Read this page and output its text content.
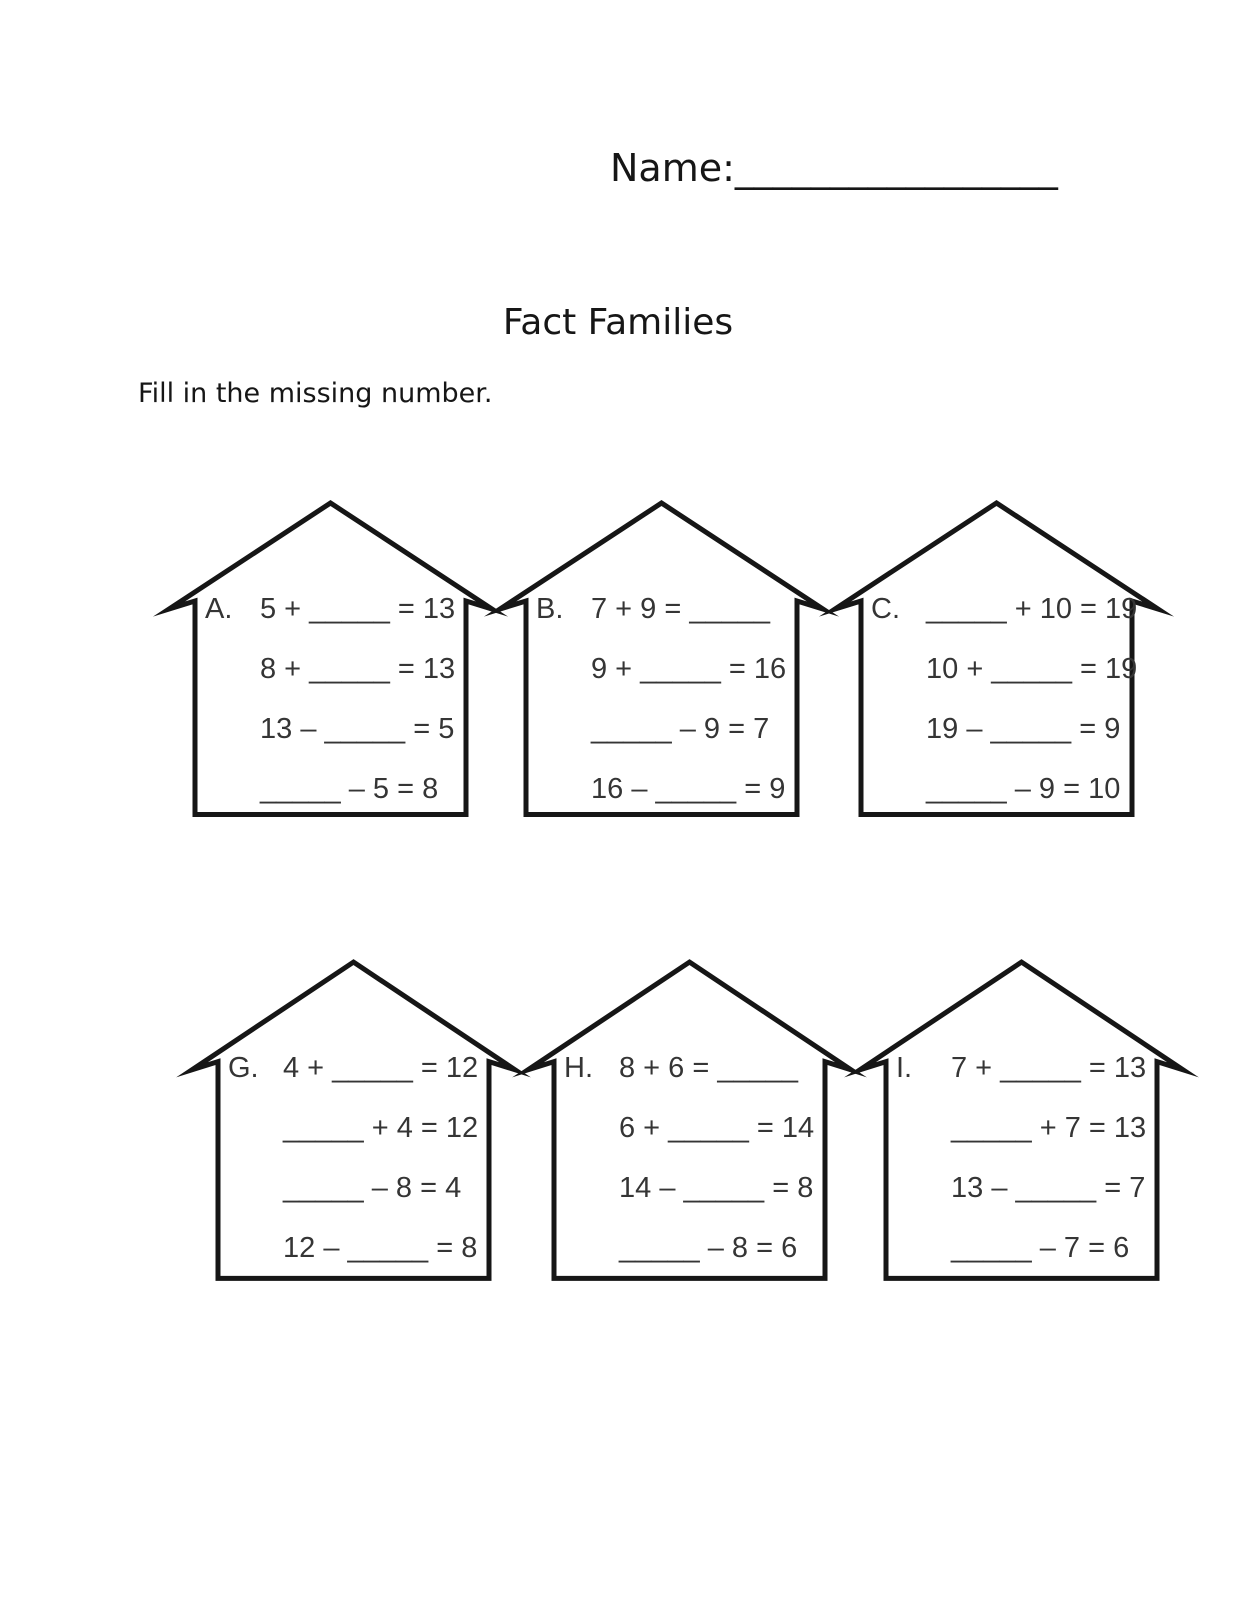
Name:_________________
Fact Families
Fill in the missing number.
A. 5 + _____ = 13
8 + _____ = 13
13 – _____ = 5
_____ – 5 = 8
B. 7 + 9 = _____
9 + _____ = 16
_____ – 9 = 7
16 – _____ = 9
C. _____ + 10 = 19
10 + _____ = 19
19 – _____ = 9
_____ – 9 = 10
G. 4 + _____ = 12
_____ + 4 = 12
_____ – 8 = 4
12 – _____ = 8
H. 8 + 6 = _____
6 + _____ = 14
14 – _____ = 8
_____ – 8 = 6
I. 7 + _____ = 13
_____ + 7 = 13
13 – _____ = 7
_____ – 7 = 6
